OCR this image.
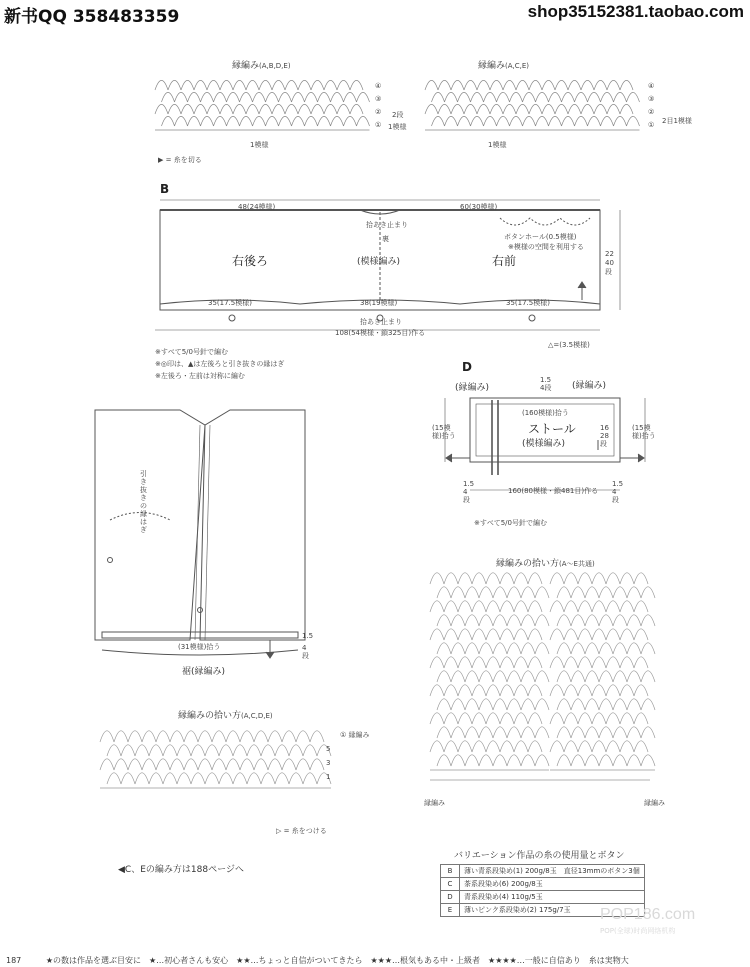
新书QQ 358483359	shop35152381.taobao.com
縁編み(A,B,D,E)
④
③
②
①
2段
1模様
1模様
▶ = 糸を切る
縁編み(A,C,E)
④
③
②
① 2目1模様
1模様
B
48(24模様)	60(30模様)
拾あき止まり
裏	ボタンホール(0.5模様)
※模様の空間を利用する
22 40段
右後ろ	(模様編み)	右前
35(17.5模様)	38(19模様)	35(17.5模様)
拾あき止まり
108(54模様・鎖325目)作る
△=(3.5模様)
※すべて5/0号針で編む
※◎印は、▲は左後ろと引き抜きの縁はぎ
※左後ろ・左前は対称に編む
引き抜きの縁はぎ
(31模様)拾う
1.5
4段
裾(縁編み)
D
(縁編み)	(縁編み)
1.5 4段
(160模様)拾う
ストール
(模様編み)
(15模様)拾う
(15模様)拾う
16 28段
1.5 4段
1.5 4段
160(80模様・鎖481目)作る
※すべて5/0号針で編む
縁編みの拾い方(A,C,D,E)
① 縁編み
5
3
1
▷ = 糸をつける
縁編みの拾い方(A～E共通)
縁編み	縁編み
◀C、Eの編み方は188ページへ
バリエーション作品の糸の使用量とボタン
B	薄い青系段染め(1) 200g/8玉　直径13mmのボタン3個
C	茶系段染め(6) 200g/8玉
D	青系段染め(4) 110g/5玉
E	薄いピンク系段染め(2) 175g/7玉 POP186.com
POP(全球)时尚网络机构
187	★の数は作品を選ぶ目安に　★…初心者さんも安心　★★…ちょっと自信がついてきたら　★★★…根気もある中・上級者　★★★★…一般に自信あり　糸は実物大
